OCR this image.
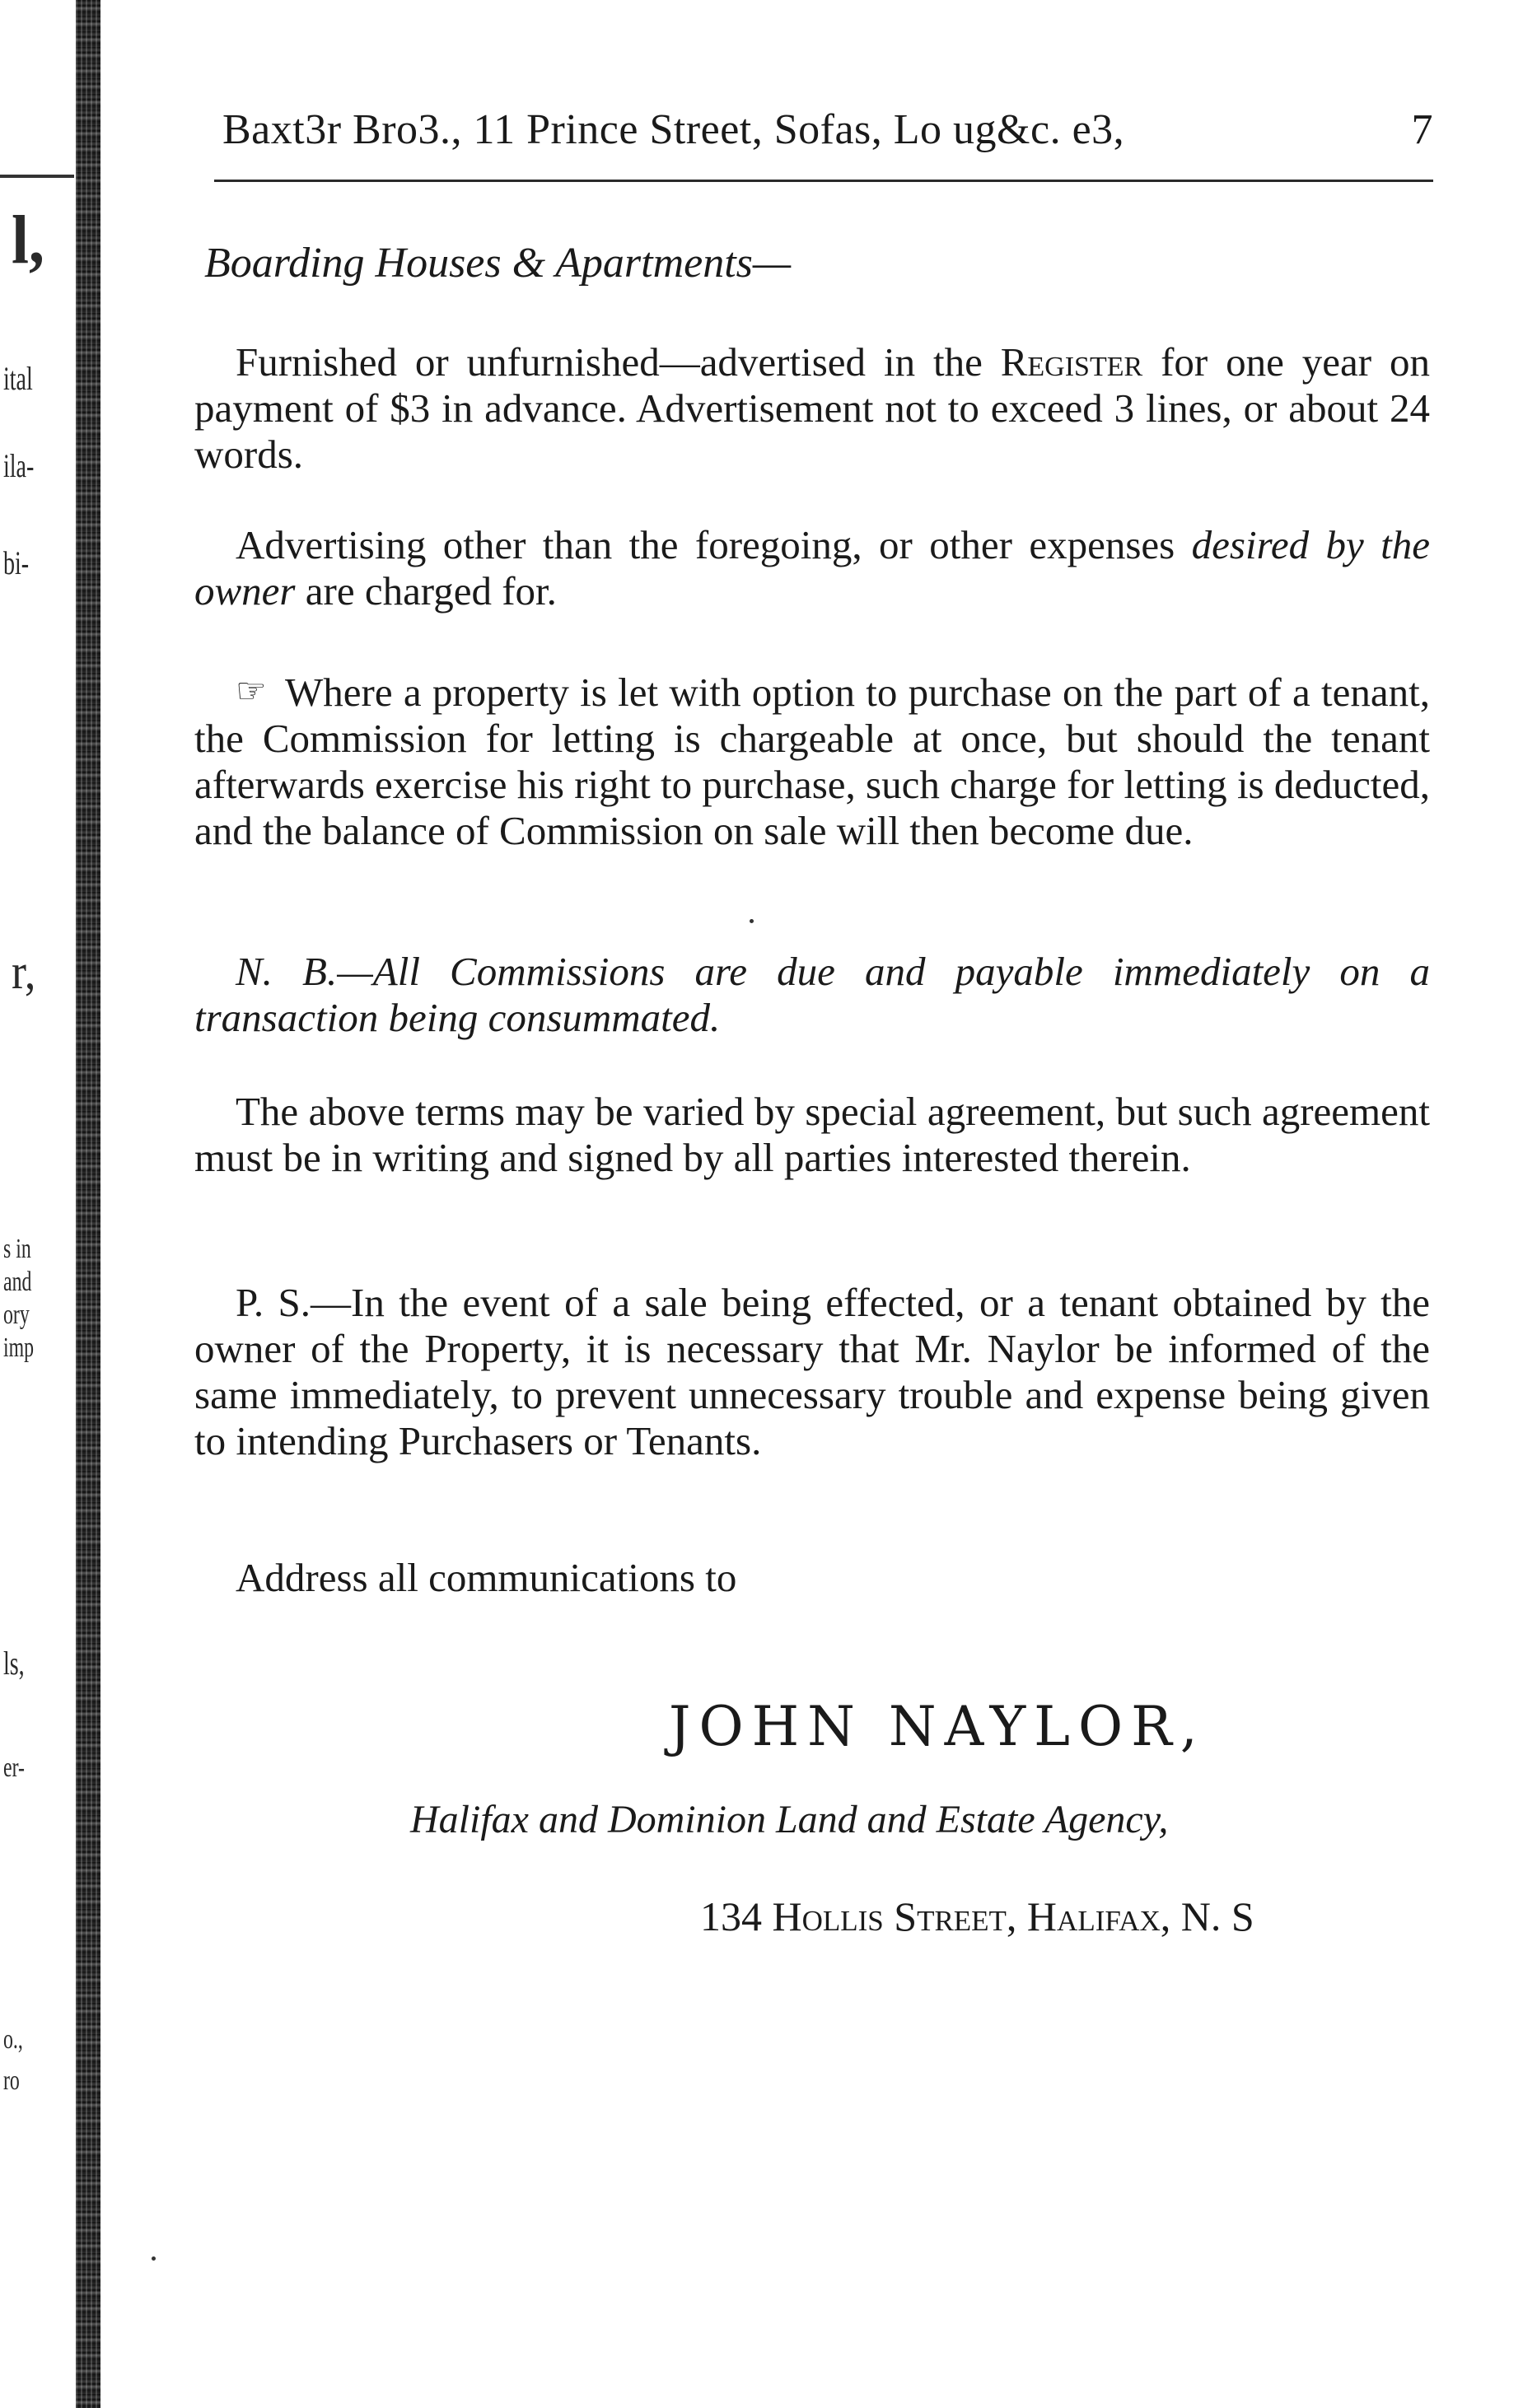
l,
ital
ila-
bi-
r,
s in
and
ory
imp
ls,
er-
o.,
ro
Baxt3r Bro3., 11 Prince Street, Sofas, Lo ug&c. e3,	7
Boarding Houses & Apartments—
Furnished or unfurnished—advertised in the Register for one year on payment of $3 in advance. Advertisement not to exceed 3 lines, or about 24 words.
Advertising other than the foregoing, or other expenses desired by the owner are charged for.
☞ Where a property is let with option to purchase on the part of a tenant, the Commission for letting is chargeable at once, but should the tenant afterwards exercise his right to purchase, such charge for letting is deducted, and the balance of Commission on sale will then become due.
N. B.—All Commissions are due and payable immediately on a transaction being consummated.
The above terms may be varied by special agreement, but such agreement must be in writing and signed by all parties interested therein.
P. S.—In the event of a sale being effected, or a tenant obtained by the owner of the Property, it is necessary that Mr. Naylor be informed of the same immediately, to prevent unnecessary trouble and expense being given to intending Purchasers or Tenants.
Address all communications to
JOHN NAYLOR,
Halifax and Dominion Land and Estate Agency,
134 Hollis Street, Halifax, N. S
